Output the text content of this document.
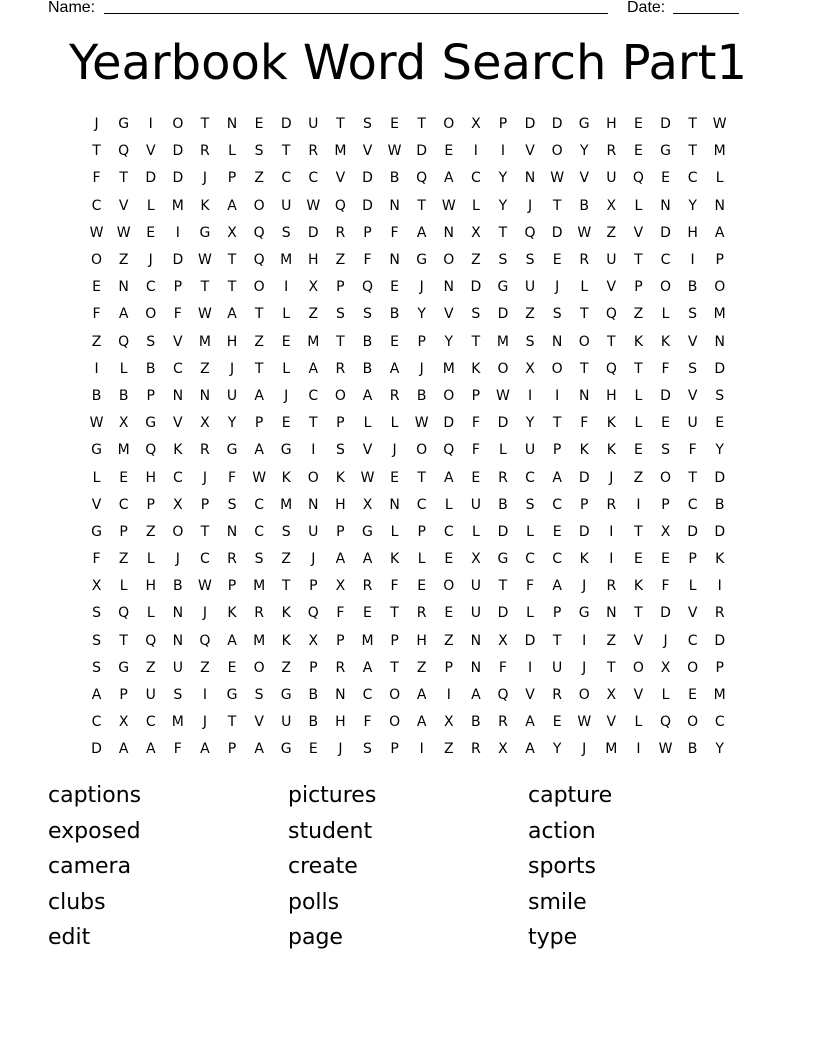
Name:	Date:
Yearbook Word Search Part1
J	G	I	O	T	N	E	D	U	T	S	E	T	O	X	P	D	D	G	H	E	D	T	W
T	Q	V	D	R	L	S	T	R	M	V	W	D	E	I	I	V	O	Y	R	E	G	T	M
F	T	D	D	J	P	Z	C	C	V	D	B	Q	A	C	Y	N	W	V	U	Q	E	C	L
C	V	L	M	K	A	O	U	W	Q	D	N	T	W	L	Y	J	T	B	X	L	N	Y	N
W W	E	I	G	X	Q	S	D	R	P	F	A	N	X	T	Q	D	W	Z	V	D	H	A
O	Z	J	D	W	T	Q	M	H	Z	F	N	G	O	Z	S	S	E	R	U	T	C	I	P
E	N	C	P	T	T	O	I	X	P	Q	E	J	N	D	G	U	J	L	V	P	O	B	O
F	A	O	F	W	A	T	L	Z	S	S	B	Y	V	S	D	Z	S	T	Q	Z	L	S	M
Z	Q	S	V	M	H	Z	E	M	T	B	E	P	Y	T	M	S	N	O	T	K	K	V	N
I	L	B	C	Z	J	T	L	A	R	B	A	J	M	K	O	X	O	T	Q	T	F	S	D
B	B	P	N	N	U	A	J	C	O	A	R	B	O	P	W	I	I	N	H	L	D	V	S
W	X	G	V	X	Y	P	E	T	P	L	L	W	D	F	D	Y	T	F	K	L	E	U	E
G	M	Q	K	R	G	A	G	I	S	V	J	O	Q	F	L	U	P	K	K	E	S	F	Y
L	E	H	C	J	F	W	K	O	K	W	E	T	A	E	R	C	A	D	J	Z	O	T	D
V	C	P	X	P	S	C	M	N	H	X	N	C	L	U	B	S	C	P	R	I	P	C	B
G	P	Z	O	T	N	C	S	U	P	G	L	P	C	L	D	L	E	D	I	T	X	D	D
F	Z	L	J	C	R	S	Z	J	A	A	K	L	E	X	G	C	C	K	I	E	E	P	K
X	L	H	B	W	P	M	T	P	X	R	F	E	O	U	T	F	A	J	R	K	F	L	I
S	Q	L	N	J	K	R	K	Q	F	E	T	R	E	U	D	L	P	G	N	T	D	V	R
S	T	Q	N	Q	A	M	K	X	P	M	P	H	Z	N	X	D	T	I	Z	V	J	C	D
S	G	Z	U	Z	E	O	Z	P	R	A	T	Z	P	N	F	I	U	J	T	O	X	O	P
A	P	U	S	I	G	S	G	B	N	C	O	A	I	A	Q	V	R	O	X	V	L	E	M
C	X	C	M	J	T	V	U	B	H	F	O	A	X	B	R	A	E	W	V	L	Q	O	C
D	A	A	F	A	P	A	G	E	J	S	P	I	Z	R	X	A	Y	J	M	I	W	B	Y
captions	pictures	capture
exposed	student	action
camera	create	sports
clubs	polls	smile
edit	page	type
